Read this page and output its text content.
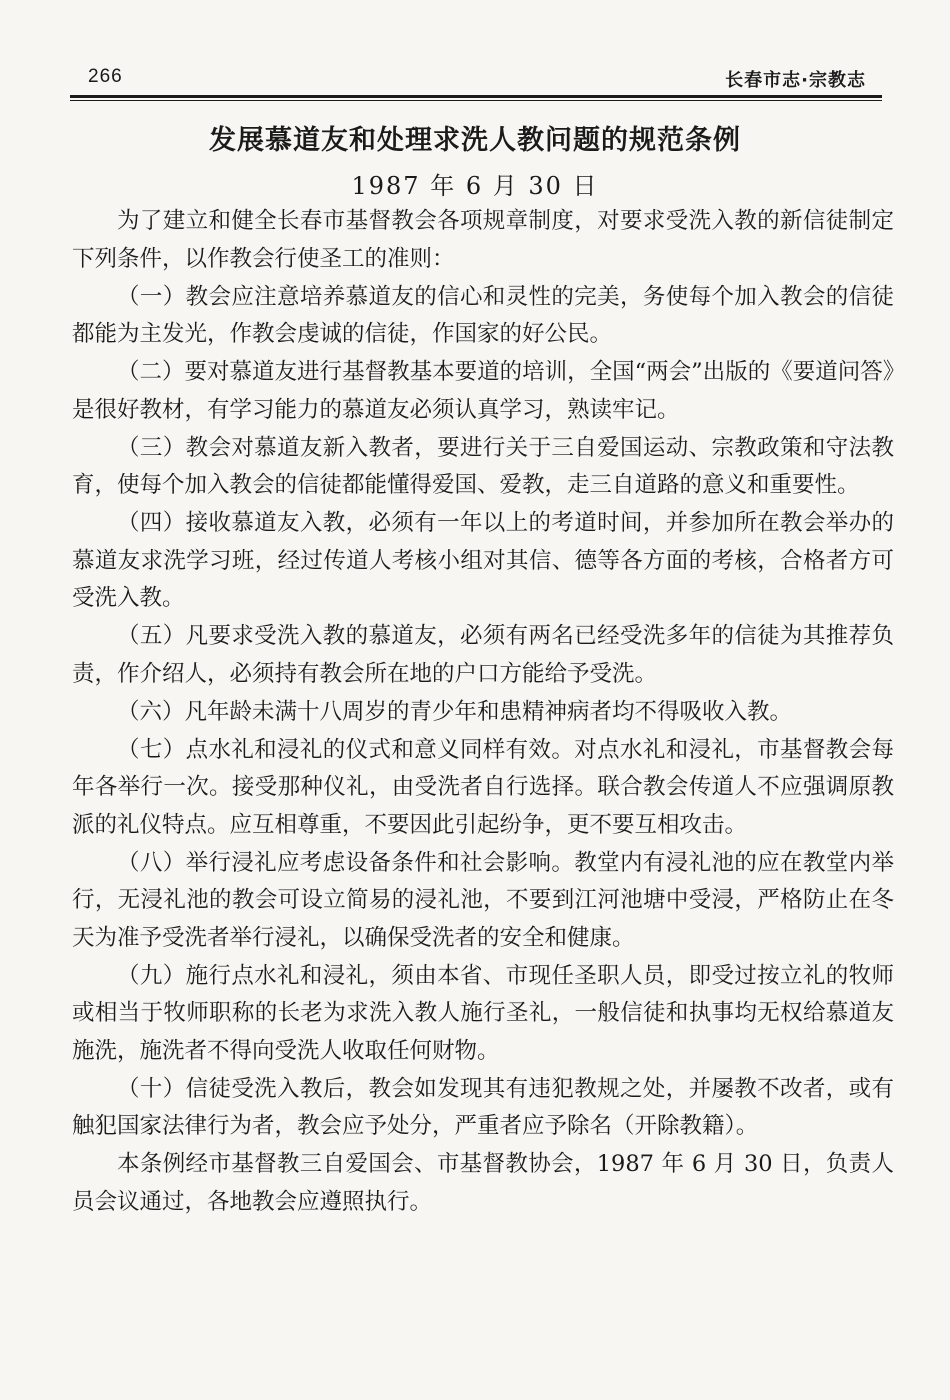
266	长春市志·宗教志
发展慕道友和处理求洗人教问题的规范条例
1987 年 6 月 30 日

为了建立和健全长春市基督教会各项规章制度，对要求受洗入教的新信徒制定下列条件，以作教会行使圣工的准则：

（一）教会应注意培养慕道友的信心和灵性的完美，务使每个加入教会的信徒都能为主发光，作教会虔诚的信徒，作国家的好公民。

（二）要对慕道友进行基督教基本要道的培训，全国“两会”出版的《要道问答》是很好教材，有学习能力的慕道友必须认真学习，熟读牢记。

（三）教会对慕道友新入教者，要进行关于三自爱国运动、宗教政策和守法教育，使每个加入教会的信徒都能懂得爱国、爱教，走三自道路的意义和重要性。

（四）接收慕道友入教，必须有一年以上的考道时间，并参加所在教会举办的慕道友求洗学习班，经过传道人考核小组对其信、德等各方面的考核，合格者方可受洗入教。

（五）凡要求受洗入教的慕道友，必须有两名已经受洗多年的信徒为其推荐负责，作介绍人，必须持有教会所在地的户口方能给予受洗。

（六）凡年龄未满十八周岁的青少年和患精神病者均不得吸收入教。

（七）点水礼和浸礼的仪式和意义同样有效。对点水礼和浸礼，市基督教会每年各举行一次。接受那种仪礼，由受洗者自行选择。联合教会传道人不应强调原教派的礼仪特点。应互相尊重，不要因此引起纷争，更不要互相攻击。

（八）举行浸礼应考虑设备条件和社会影响。教堂内有浸礼池的应在教堂内举行，无浸礼池的教会可设立简易的浸礼池，不要到江河池塘中受浸，严格防止在冬天为准予受洗者举行浸礼，以确保受洗者的安全和健康。

（九）施行点水礼和浸礼，须由本省、市现任圣职人员，即受过按立礼的牧师或相当于牧师职称的长老为求洗入教人施行圣礼，一般信徒和执事均无权给慕道友施洗，施洗者不得向受洗人收取任何财物。

（十）信徒受洗入教后，教会如发现其有违犯教规之处，并屡教不改者，或有触犯国家法律行为者，教会应予处分，严重者应予除名（开除教籍）。

本条例经市基督教三自爱国会、市基督教协会，1987 年 6 月 30 日，负责人员会议通过，各地教会应遵照执行。
